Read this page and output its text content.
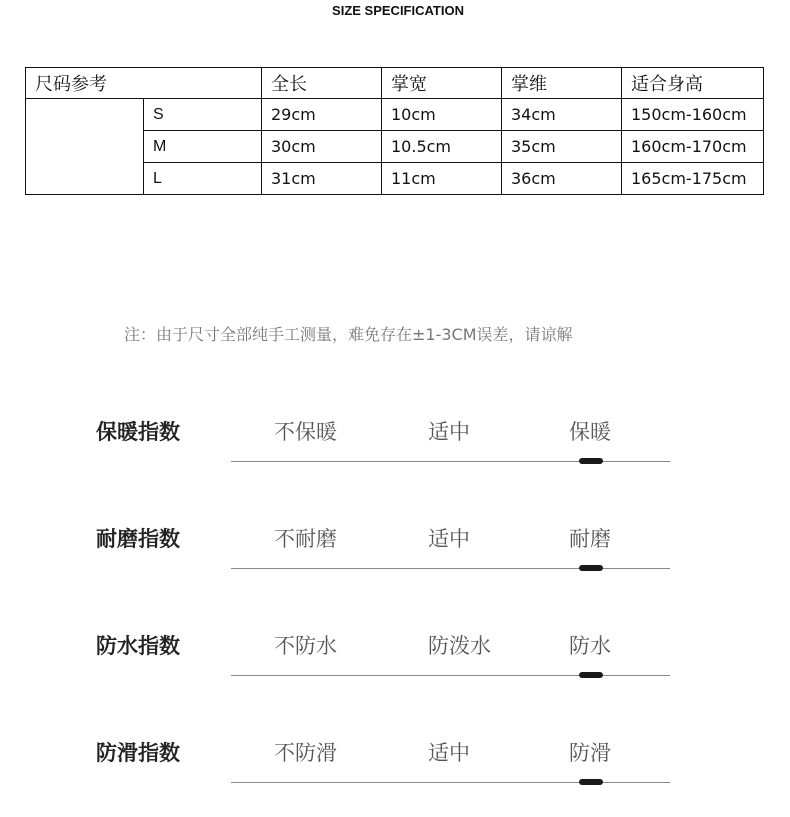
SIZE SPECIFICATION
尺码参考		全长	掌宽	掌维	适合身高
	S	29cm	10cm	34cm	150cm-160cm
	M	30cm	10.5cm	35cm	160cm-170cm
	L	31cm	11cm	36cm	165cm-175cm
注：由于尺寸全部纯手工测量，难免存在±1-3CM误差，请谅解
保暖指数	不保暖	适中	保暖
耐磨指数	不耐磨	适中	耐磨
防水指数	不防水	防泼水	防水
防滑指数	不防滑	适中	防滑
